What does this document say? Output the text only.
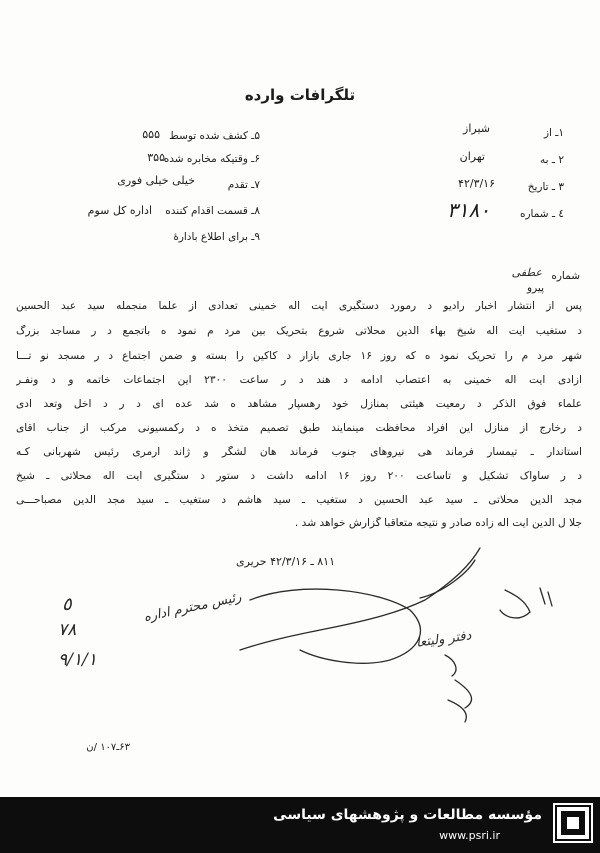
تلگرافات وارده
۱ـ از
شیراز
۲ ـ به
تهران
۳ ـ تاریخ
۴۲/۳/۱۶
٤ ـ شماره
۳۱۸۰
۵ـ کشف شده توسط
۵۵۵
۶ـ وقتیکه مخابره شده
۳۵۵
۷ـ تقدم
خیلی خیلی فوری
۸ـ قسمت اقدام کننده
اداره کل سوم
۹ـ برای اطلاع بادارۀ
شماره
عطفی
پیرو
پس از انتشار اخبار رادیو د رمورد دستگیری ایت اله خمینی تعدادی از علما منجمله سید عبد الحسین
د ستغیب ایت اله شیخ بهاء الدین محلاتی شروع بتحریک بین مرد م نمود ه باتجمع د ر مساجد بزرگ
شهر مرد م را تحریک نمود ه که روز ۱۶ جاری بازار د کاکین را بسته و ضمن اجتماع د ر مسجد نو تـــا
ازادی ایت اله خمینی به اعتصاب ادامه د هند د ر ساعت ۲۳۰۰ این اجتماعات خاتمه و د ونفـر
علماء فوق الذکر د رمعیت هیئتی بمنازل خود رهسپار مشاهد ه شد عده ای د ر د اخل وتعد ادی
د رخارج از منازل این افراد محافظت مینمایند طبق تصمیم متخذ ه د رکمسیونی مرکب از جناب اقای
استاندار ـ تیمسار فرماند هی نیروهای جنوب فرماند هان لشگر و ژاند ارمری رئیس شهربانی کـه
د ر ساواک تشکیل و تاساعت ۲۰۰ روز ۱۶ ادامه داشت د ستور د ستگیری ایت اله محلاتی ـ شیخ
مجد الدین محلاتی ـ سید عبد الحسین د ستغیب ـ سید هاشم د ستغیب ـ سید مجد الدین مصباحـــی
جلا ل الدین ایت اله زاده صادر و نتیجه متعاقبا گزارش خواهد شد .
۸۱۱ ـ ۴۲/۳/۱۶ حریری
٥
۷۸
۹/۱/۱
رئیس محترم اداره
دفتر ولیتعا
۶۳ـ۱۰۷ /ن
مؤسسه مطالعات و پژوهشهای سیاسی
www.psri.ir
